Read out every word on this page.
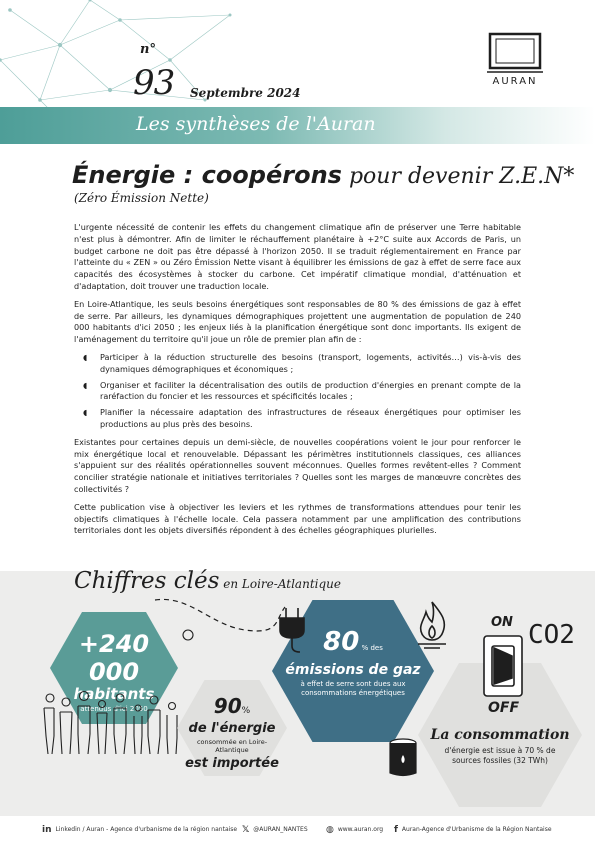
n°
93 Septembre 2024
AURAN
Les synthèses de l'Auran
Énergie : coopérons pour devenir Z.E.N*
(Zéro Émission Nette)

L'urgente nécessité de contenir les effets du changement climatique afin de préserver une Terre habitable n'est plus à démontrer. Afin de limiter le réchauffement planétaire à +2°C suite aux Accords de Paris, un budget carbone ne doit pas être dépassé à l'horizon 2050. Il se traduit réglementairement en France par l'atteinte du « ZEN » ou Zéro Émission Nette visant à équilibrer les émissions de gaz à effet de serre face aux capacités des écosystèmes à stocker du carbone. Cet impératif climatique mondial, d'atténuation et d'adaptation, doit trouver une traduction locale.

En Loire-Atlantique, les seuls besoins énergétiques sont responsables de 80 % des émissions de gaz à effet de serre. Par ailleurs, les dynamiques démographiques projettent une augmentation de population de 240 000 habitants d'ici 2050 ; les enjeux liés à la planification énergétique sont donc importants. Ils exigent de l'aménagement du territoire qu'il joue un rôle de premier plan afin de :

◖ Participer à la réduction structurelle des besoins (transport, logements, activités…) vis-à-vis des dynamiques démographiques et économiques ;
◖ Organiser et faciliter la décentralisation des outils de production d'énergies en prenant compte de la raréfaction du foncier et les ressources et spécificités locales ;
◖ Planifier la nécessaire adaptation des infrastructures de réseaux énergétiques pour optimiser les productions au plus près des besoins.

Existantes pour certaines depuis un demi-siècle, de nouvelles coopérations voient le jour pour renforcer le mix énergétique local et renouvelable. Dépassant les périmètres institutionnels classiques, ces alliances s'appuient sur des réalités opérationnelles souvent méconnues. Quelles formes revêtent-elles ? Comment concilier stratégie nationale et initiatives territoriales ? Quelles sont les marges de manœuvre concrètes des collectivités ?

Cette publication vise à objectiver les leviers et les rythmes de transformations attendues pour tenir les objectifs climatiques à l'échelle locale. Cela passera notamment par une amplification des contributions territoriales dont les objets diversifiés répondent à des échelles géographiques plurielles.

Chiffres clés en Loire-Atlantique
+240 000
habitants
attendus d'ici 2050	90%
de l'énergie
consommée en Loire-Atlantique
est importée
80 % des
émissions de gaz
à effet de serre sont dues aux consommations énergétiques
La consommation
d'énergie est issue à 70 % de sources fossiles (32 TWh)
ON
OFF
CO2
in Linkedin / Auran - Agence d'urbanisme de la région nantaise 𝕏 @AURAN_NANTES ◍ www.auran.org f Auran-Agence d'Urbanisme de la Région Nantaise
